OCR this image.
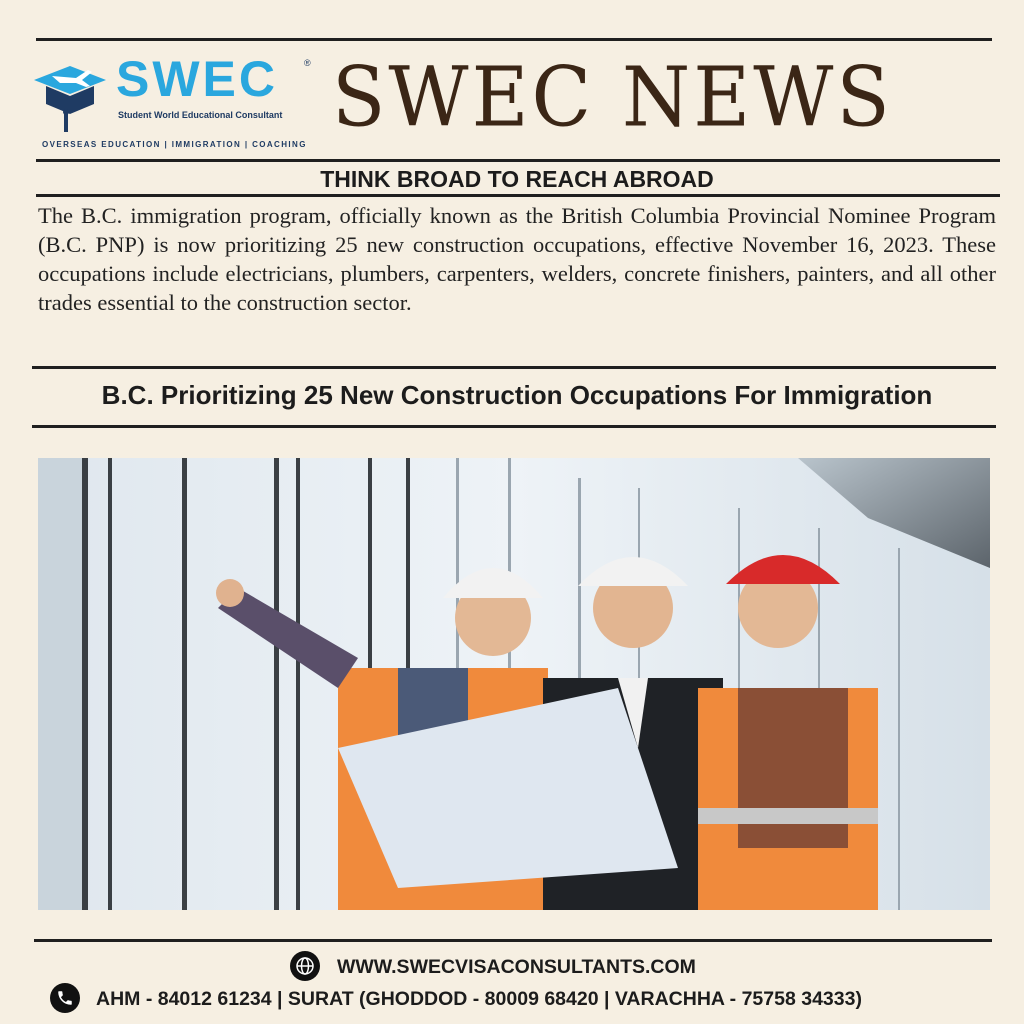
SWEC	®
Student World Educational Consultant
OVERSEAS EDUCATION | IMMIGRATION | COACHING SWEC NEWS
THINK BROAD TO REACH ABROAD
The B.C. immigration program, officially known as the British Columbia Provincial Nominee Program (B.C. PNP) is now prioritizing 25 new construction occupations, effective November 16, 2023. These occupations include electricians, plumbers, carpenters, welders, concrete finishers, painters, and all other trades essential to the construction sector.
B.C. Prioritizing 25 New Construction Occupations For Immigration
WWW.SWECVISACONSULTANTS.COM
AHM - 84012 61234 | SURAT (GHODDOD - 80009 68420 | VARACHHA - 75758 34333)
